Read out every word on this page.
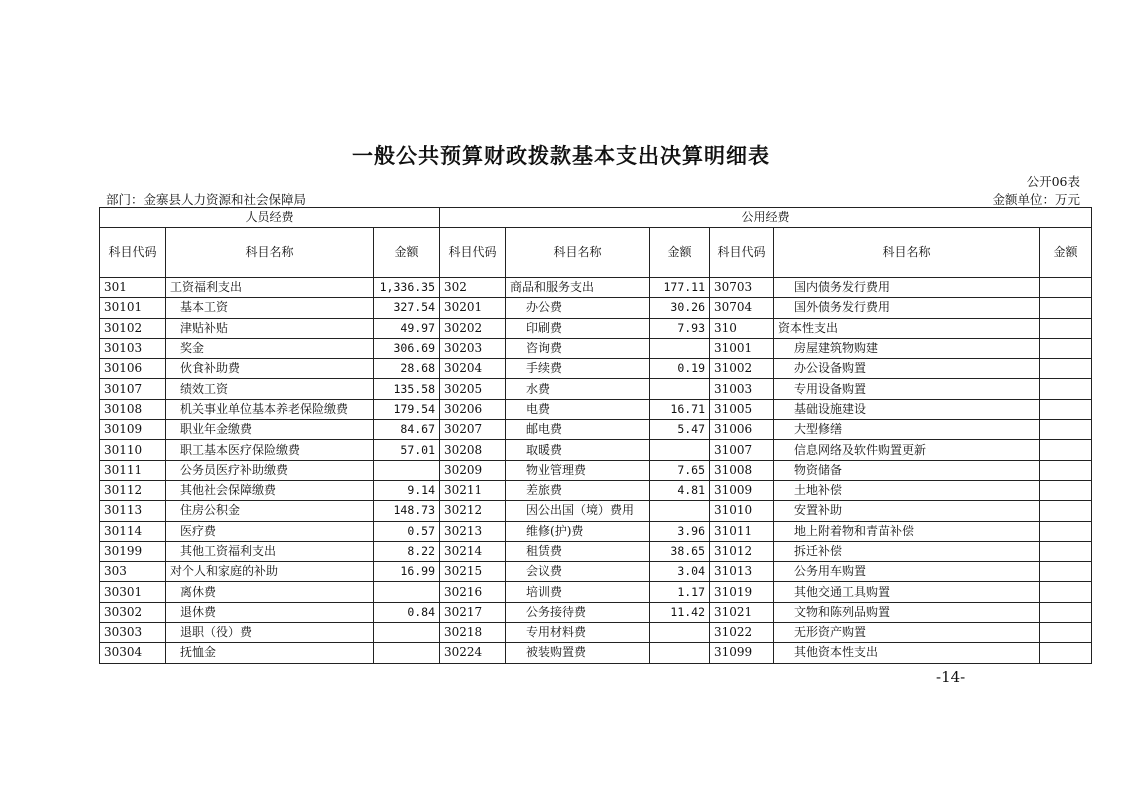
一般公共预算财政拨款基本支出决算明细表
公开06表
部门：金寨县人力资源和社会保障局	金额单位：万元
人员经费			公用经费					
科目代码	科目名称	金额	科目代码	科目名称	金额	科目代码	科目名称	金额
301	工资福利支出	1,336.35	302	商品和服务支出	177.11	30703	国内债务发行费用	
30101	基本工资	327.54	30201	办公费	30.26	30704	国外债务发行费用	
30102	津贴补贴	49.97	30202	印刷费	7.93	310	资本性支出	
30103	奖金	306.69	30203	咨询费		31001	房屋建筑物购建	
30106	伙食补助费	28.68	30204	手续费	0.19	31002	办公设备购置	
30107	绩效工资	135.58	30205	水费		31003	专用设备购置	
30108	机关事业单位基本养老保险缴费	179.54	30206	电费	16.71	31005	基础设施建设	
30109	职业年金缴费	84.67	30207	邮电费	5.47	31006	大型修缮	
30110	职工基本医疗保险缴费	57.01	30208	取暖费		31007	信息网络及软件购置更新	
30111	公务员医疗补助缴费		30209	物业管理费	7.65	31008	物资储备	
30112	其他社会保障缴费	9.14	30211	差旅费	4.81	31009	土地补偿	
30113	住房公积金	148.73	30212	因公出国（境）费用		31010	安置补助	
30114	医疗费	0.57	30213	维修(护)费	3.96	31011	地上附着物和青苗补偿	
30199	其他工资福利支出	8.22	30214	租赁费	38.65	31012	拆迁补偿	
303	对个人和家庭的补助	16.99	30215	会议费	3.04	31013	公务用车购置	
30301	离休费		30216	培训费	1.17	31019	其他交通工具购置	
30302	退休费	0.84	30217	公务接待费	11.42	31021	文物和陈列品购置	
30303	退职（役）费		30218	专用材料费		31022	无形资产购置	
30304	抚恤金		30224	被装购置费		31099	其他资本性支出	
-14-
